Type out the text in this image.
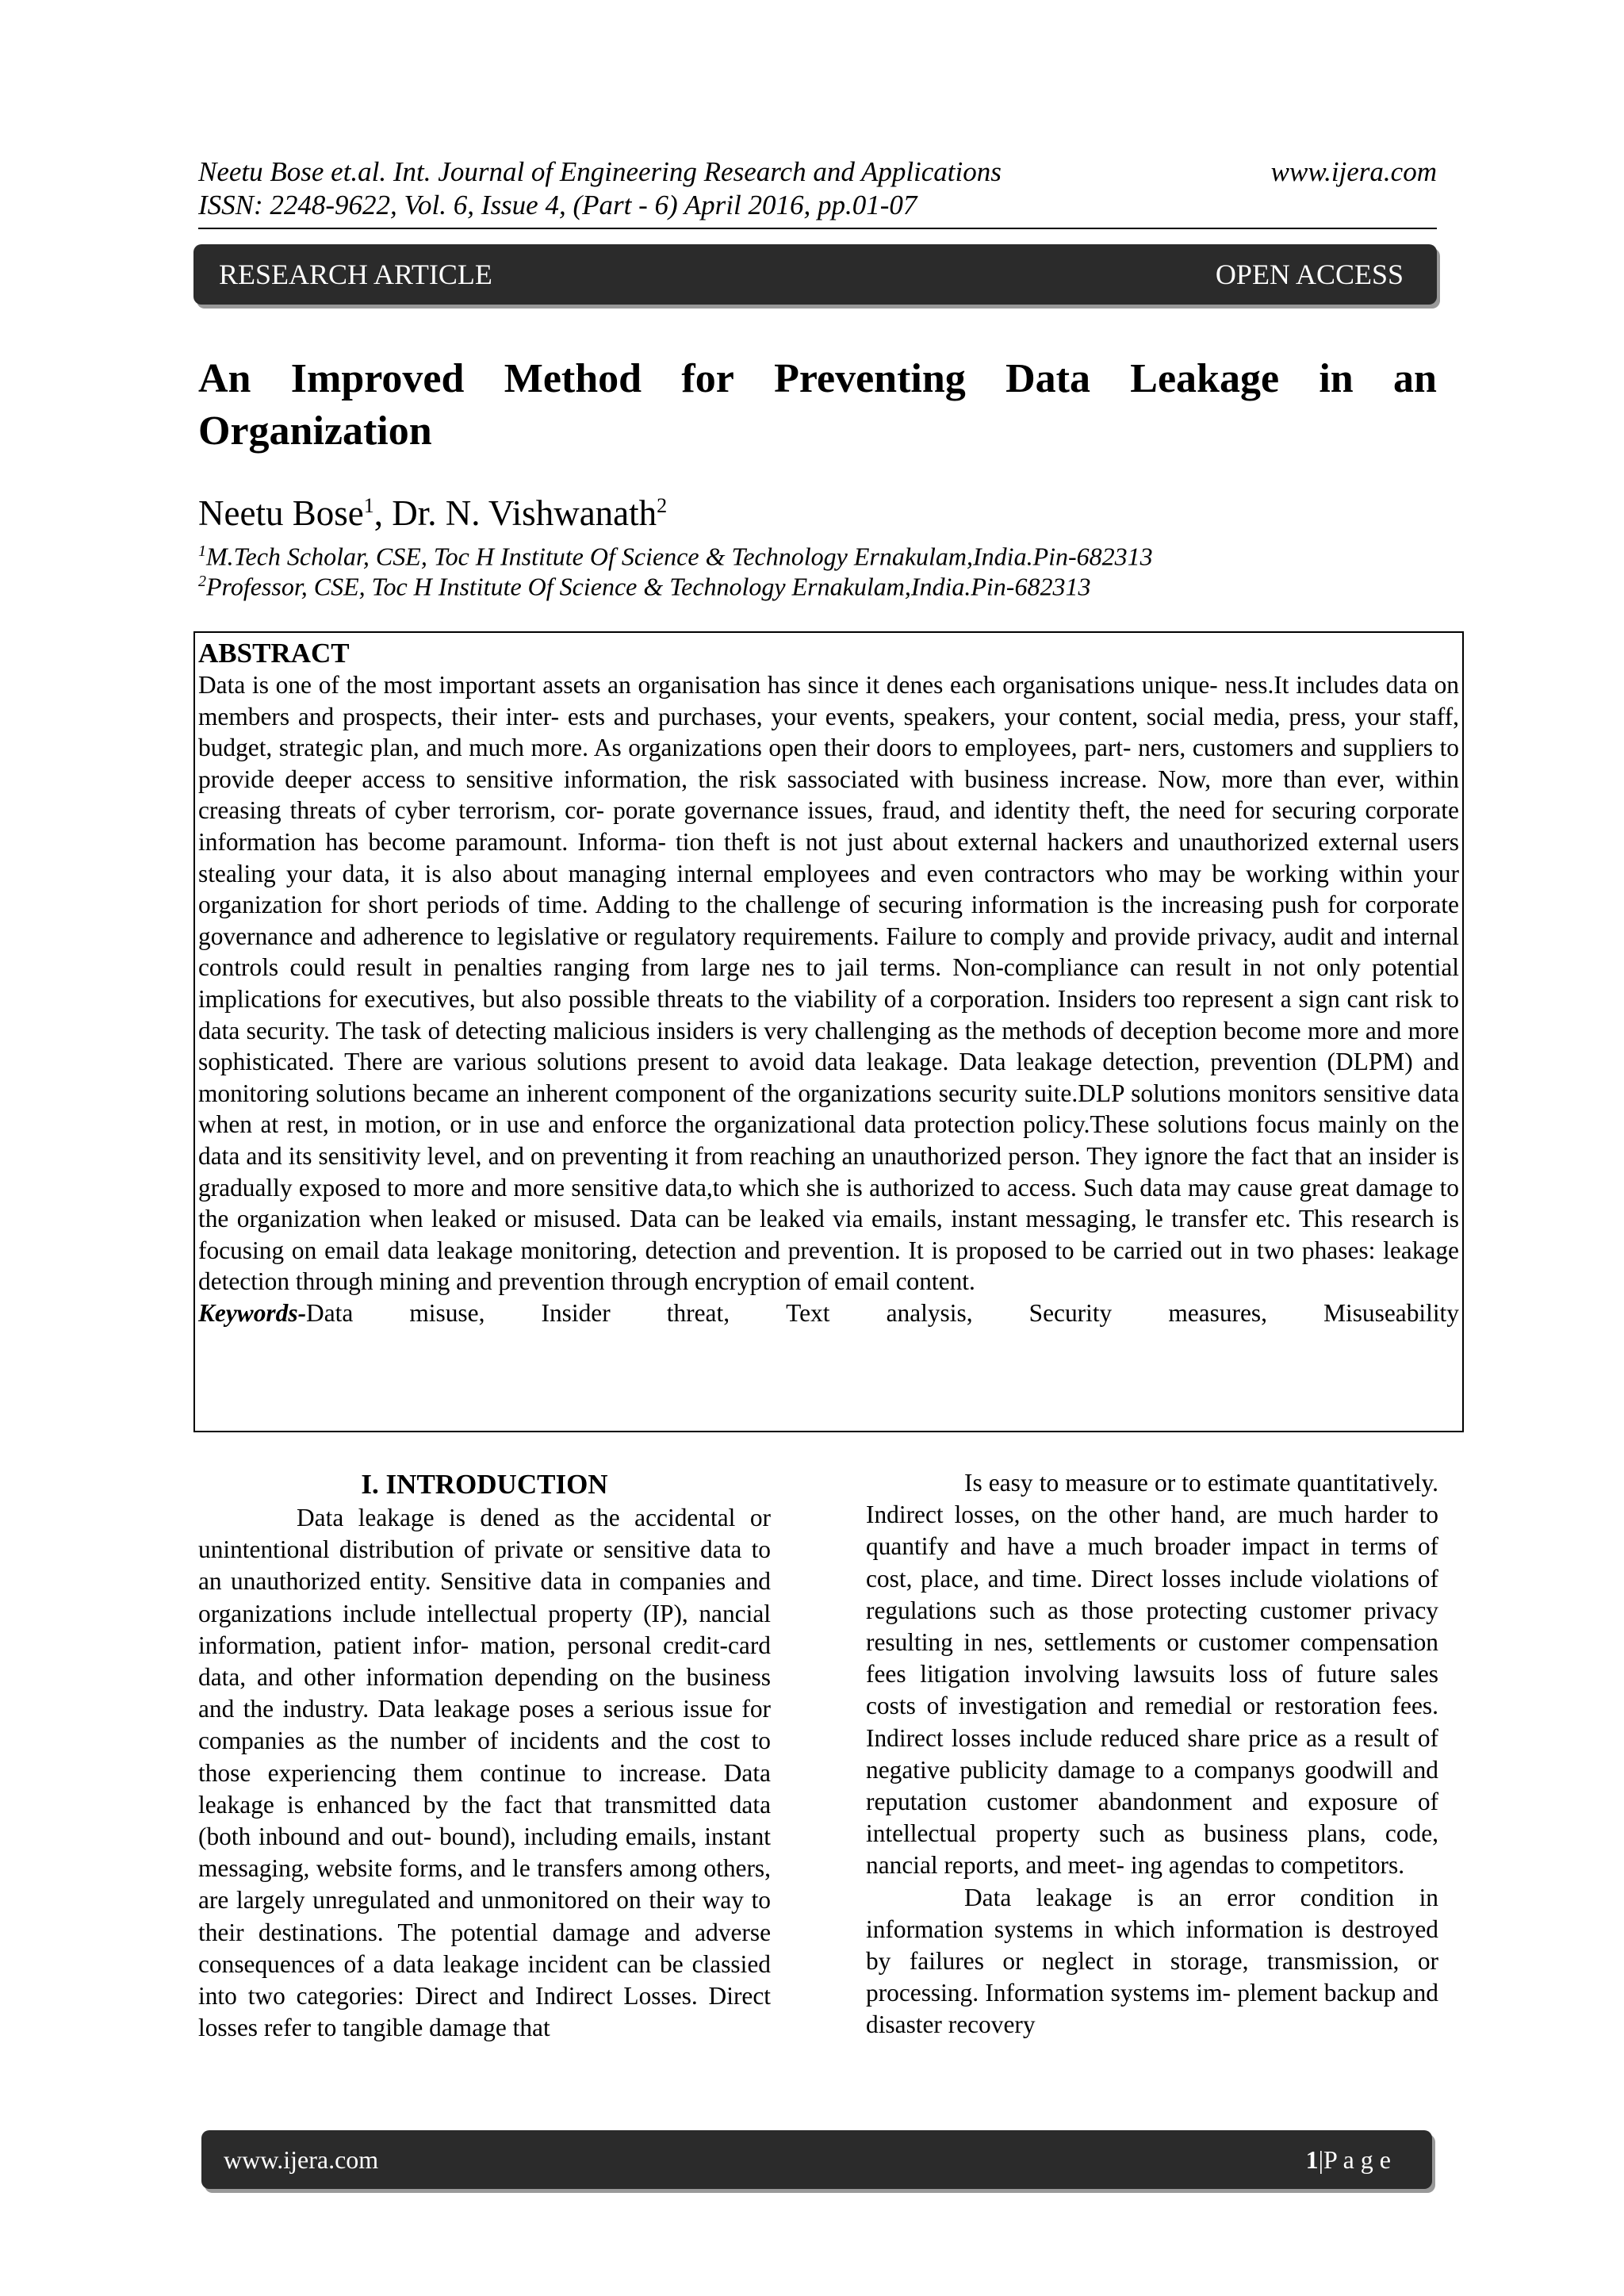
Neetu Bose et.al. Int. Journal of Engineering Research and Applications	www.ijera.com
ISSN: 2248-9622, Vol. 6, Issue 4, (Part - 6) April 2016, pp.01-07
RESEARCH ARTICLE	OPEN ACCESS
An Improved Method for Preventing Data Leakage in an
Organization
Neetu Bose$^1$, Dr. N. Vishwanath$^2$
$^1$M.Tech Scholar, CSE, Toc H Institute Of Science & Technology Ernakulam,India.Pin-682313
$^2$Professor, CSE, Toc H Institute Of Science & Technology Ernakulam,India.Pin-682313
ABSTRACT

Data is one of the most important assets an organisation has since it denes each organisations unique- ness.It includes data on members and prospects, their inter- ests and purchases, your events, speakers, your content, social media, press, your staff, budget, strategic plan, and much more. As organizations open their doors to employees, part- ners, customers and suppliers to provide deeper access to sensitive information, the risk sassociated with business increase. Now, more than ever, within creasing threats of cyber terrorism, cor- porate governance issues, fraud, and identity theft, the need for securing corporate information has become paramount. Informa- tion theft is not just about external hackers and unauthorized external users stealing your data, it is also about managing internal employees and even contractors who may be working within your organization for short periods of time. Adding to the challenge of securing information is the increasing push for corporate governance and adherence to legislative or regulatory requirements. Failure to comply and provide privacy, audit and internal controls could result in penalties ranging from large nes to jail terms. Non-compliance can result in not only potential implications for executives, but also possible threats to the viability of a corporation. Insiders too represent a sign cant risk to data security. The task of detecting malicious insiders is very challenging as the methods of deception become more and more sophisticated. There are various solutions present to avoid data leakage. Data leakage detection, prevention (DLPM) and monitoring solutions became an inherent component of the organizations security suite.DLP solutions monitors sensitive data when at rest, in motion, or in use and enforce the organizational data protection policy.These solutions focus mainly on the data and its sensitivity level, and on preventing it from reaching an unauthorized person. They ignore the fact that an insider is gradually exposed to more and more sensitive data,to which she is authorized to access. Such data may cause great damage to the organization when leaked or misused. Data can be leaked via emails, instant messaging, le transfer etc. This research is focusing on email data leakage monitoring, detection and prevention. It is proposed to be carried out in two phases: leakage detection through mining and prevention through encryption of email content.

Keywords-Data misuse, Insider threat, Text analysis, Security measures, Misuseability
I. INTRODUCTION

Data leakage is dened as the accidental or unintentional distribution of private or sensitive data to an unauthorized entity. Sensitive data in companies and organizations include intellectual property (IP), nancial information, patient infor- mation, personal credit-card data, and other information depending on the business and the industry. Data leakage poses a serious issue for companies as the number of incidents and the cost to those experiencing them continue to increase. Data leakage is enhanced by the fact that transmitted data (both inbound and out- bound), including emails, instant messaging, website forms, and le transfers among others, are largely unregulated and unmonitored on their way to their destinations. The potential damage and adverse consequences of a data leakage incident can be classied into two categories: Direct and Indirect Losses. Direct losses refer to tangible damage that

Is easy to measure or to estimate quantitatively. Indirect losses, on the other hand, are much harder to quantify and have a much broader impact in terms of cost, place, and time. Direct losses include violations of regulations such as those protecting customer privacy resulting in nes, settlements or customer compensation fees litigation involving lawsuits loss of future sales costs of investigation and remedial or restoration fees. Indirect losses include reduced share price as a result of negative publicity damage to a companys goodwill and reputation customer abandonment and exposure of intellectual property such as business plans, code, nancial reports, and meet- ing agendas to competitors.

Data leakage is an error condition in information systems in which information is destroyed by failures or neglect in storage, transmission, or processing. Information systems im- plement backup and disaster recovery

www.ijera.com	1|P a g e
